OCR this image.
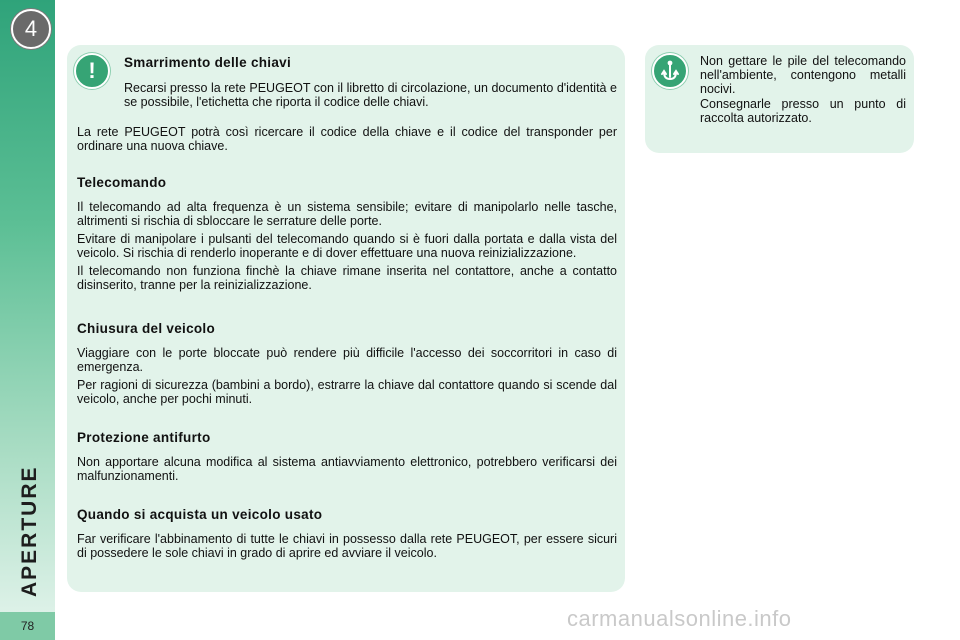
4
APERTURE
78
!	Smarrimento delle chiavi

Recarsi presso la rete PEUGEOT con il libretto di circolazione, un documento d'identità e se possibile, l'etichetta che riporta il codice delle chiavi.

La rete PEUGEOT potrà così ricercare il codice della chiave e il codice del transponder per ordinare una nuova chiave.

Telecomando

Il telecomando ad alta frequenza è un sistema sensibile; evitare di manipolarlo nelle tasche, altrimenti si rischia di sbloccare le serrature delle porte.

Evitare di manipolare i pulsanti del telecomando quando si è fuori dalla portata e dalla vista del veicolo. Si rischia di renderlo inoperante e di dover effettuare una nuova reinizializzazione.

Il telecomando non funziona finchè la chiave rimane inserita nel contattore, anche a contatto disinserito, tranne per la reinizializzazione.

Chiusura del veicolo

Viaggiare con le porte bloccate può rendere più difficile l'accesso dei soccorritori in caso di emergenza.

Per ragioni di sicurezza (bambini a bordo), estrarre la chiave dal contattore quando si scende dal veicolo, anche per pochi minuti.

Protezione antifurto

Non apportare alcuna modifica al sistema antiavviamento elettronico, potrebbero verificarsi dei malfunzionamenti.

Quando si acquista un veicolo usato

Far verificare l'abbinamento di tutte le chiavi in possesso dalla rete PEUGEOT, per essere sicuri di possedere le sole chiavi in grado di aprire ed avviare il veicolo.

Non gettare le pile del telecomando nell'ambiente, contengono metalli nocivi.

Consegnarle presso un punto di raccolta autorizzato.

carmanualsonline.info
